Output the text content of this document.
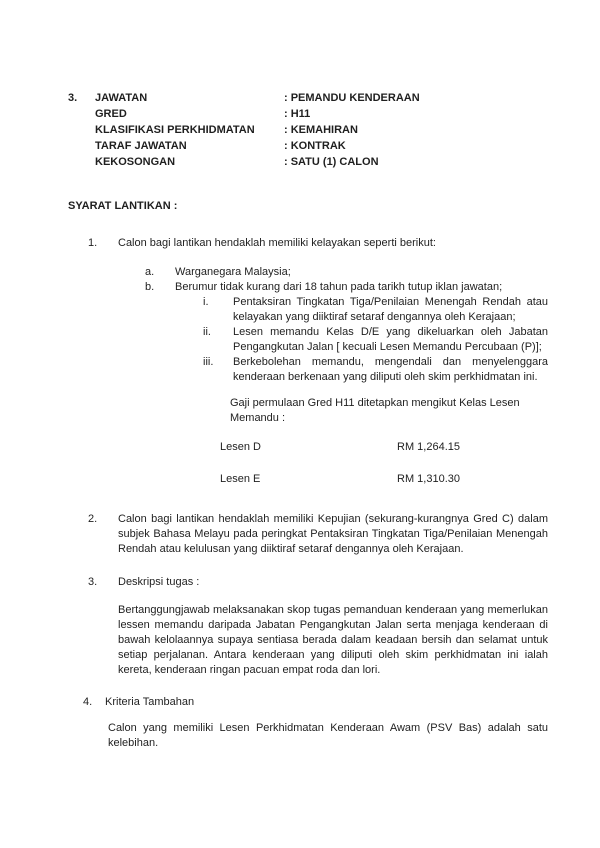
3.	JAWATAN	: PEMANDU KENDERAAN
GRED	: H11
KLASIFIKASI PERKHIDMATAN	: KEMAHIRAN
TARAF JAWATAN	: KONTRAK
KEKOSONGAN	: SATU (1) CALON
SYARAT LANTIKAN :
1.	Calon bagi lantikan hendaklah memiliki kelayakan seperti berikut:
a.	Warganegara Malaysia;
b.	Berumur tidak kurang dari 18 tahun pada tarikh tutup iklan jawatan;
i.	Pentaksiran Tingkatan Tiga/Penilaian Menengah Rendah atau kelayakan yang diiktiraf setaraf dengannya oleh Kerajaan;
ii.	Lesen memandu Kelas D/E yang dikeluarkan oleh Jabatan Pengangkutan Jalan [ kecuali Lesen Memandu Percubaan (P)];
iii.	Berkebolehan memandu, mengendali dan menyelenggara kenderaan berkenaan yang diliputi oleh skim perkhidmatan ini.
Gaji permulaan Gred H11 ditetapkan mengikut Kelas Lesen Memandu :
Lesen D	RM 1,264.15
Lesen E	RM 1,310.30
2.	Calon bagi lantikan hendaklah memiliki Kepujian (sekurang-kurangnya Gred C) dalam subjek Bahasa Melayu pada peringkat Pentaksiran Tingkatan Tiga/Penilaian Menengah Rendah atau kelulusan yang diiktiraf setaraf dengannya oleh Kerajaan.
3.	Deskripsi tugas :
Bertanggungjawab melaksanakan skop tugas pemanduan kenderaan yang memerlukan lessen memandu daripada Jabatan Pengangkutan Jalan serta menjaga kenderaan di bawah kelolaannya supaya sentiasa berada dalam keadaan bersih dan selamat untuk setiap perjalanan. Antara kenderaan yang diliputi oleh skim perkhidmatan ini ialah kereta, kenderaan ringan pacuan empat roda dan lori.
4.	Kriteria Tambahan
Calon yang memiliki Lesen Perkhidmatan Kenderaan Awam (PSV Bas) adalah satu kelebihan.
